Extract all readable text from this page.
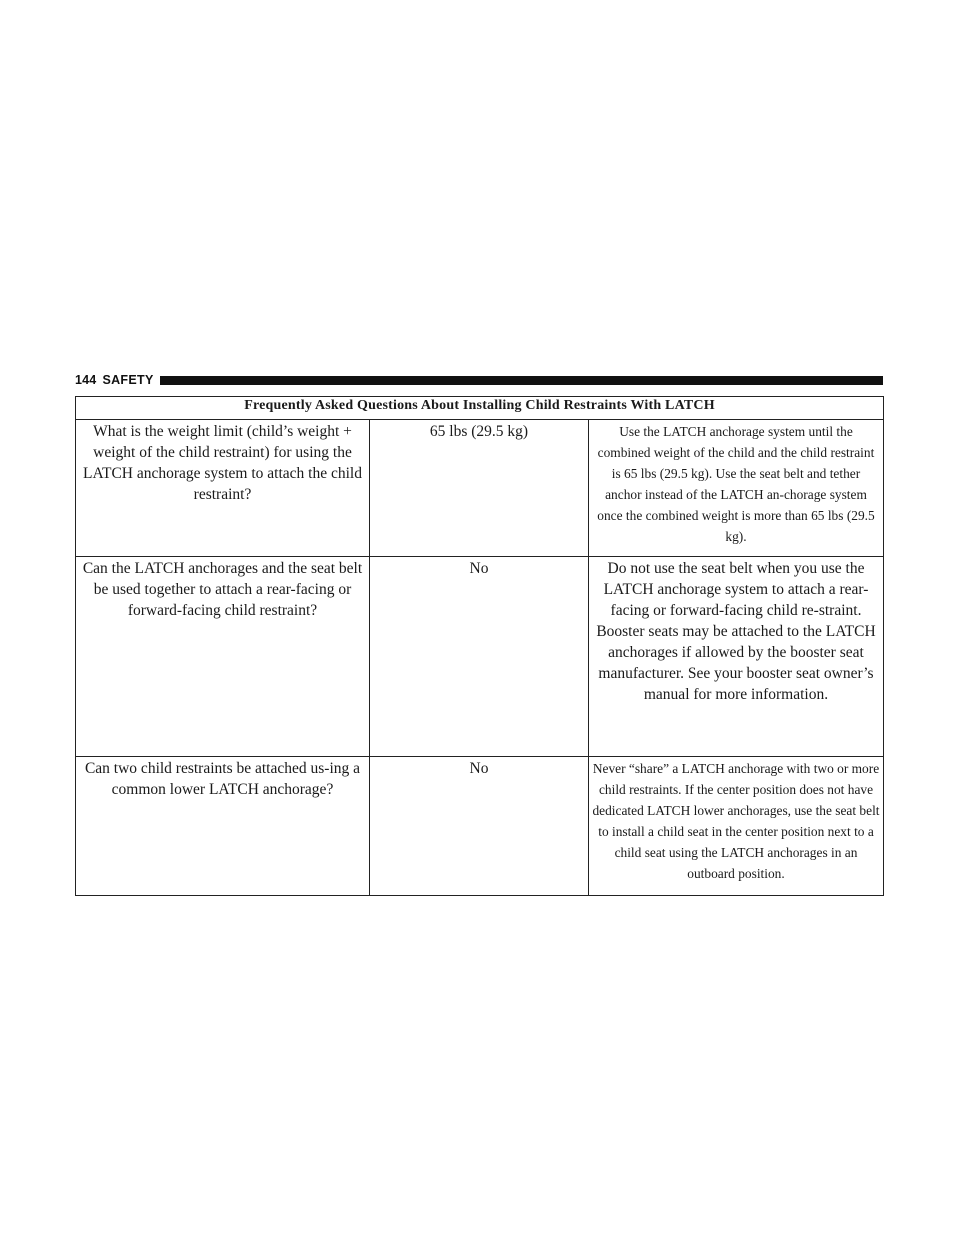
144 SAFETY
Frequently Asked Questions About Installing Child Restraints With LATCH		
What is the weight limit (child’s weight + weight of the child restraint) for using the LATCH anchorage system to attach the child restraint?	65 lbs (29.5 kg)	Use the LATCH anchorage system until the combined weight of the child and the child restraint is 65 lbs (29.5 kg). Use the seat belt and tether anchor instead of the LATCH an-chorage system once the combined weight is more than 65 lbs (29.5 kg).

Can the LATCH anchorages and the seat belt be used together to attach a rear-facing or forward-facing child restraint?	No	Do not use the seat belt when you use the LATCH anchorage system to attach a rear-facing or forward-facing child re-straint.
Booster seats may be attached to the LATCH anchorages if allowed by the booster seat manufacturer. See your booster seat owner’s manual for more information.

Can two child restraints be attached us-ing a common lower LATCH anchorage?	No	Never “share” a LATCH anchorage with two or more child restraints. If the center position does not have dedicated LATCH lower anchorages, use the seat belt to install a child seat in the center position next to a child seat using the LATCH anchorages in an outboard position.
